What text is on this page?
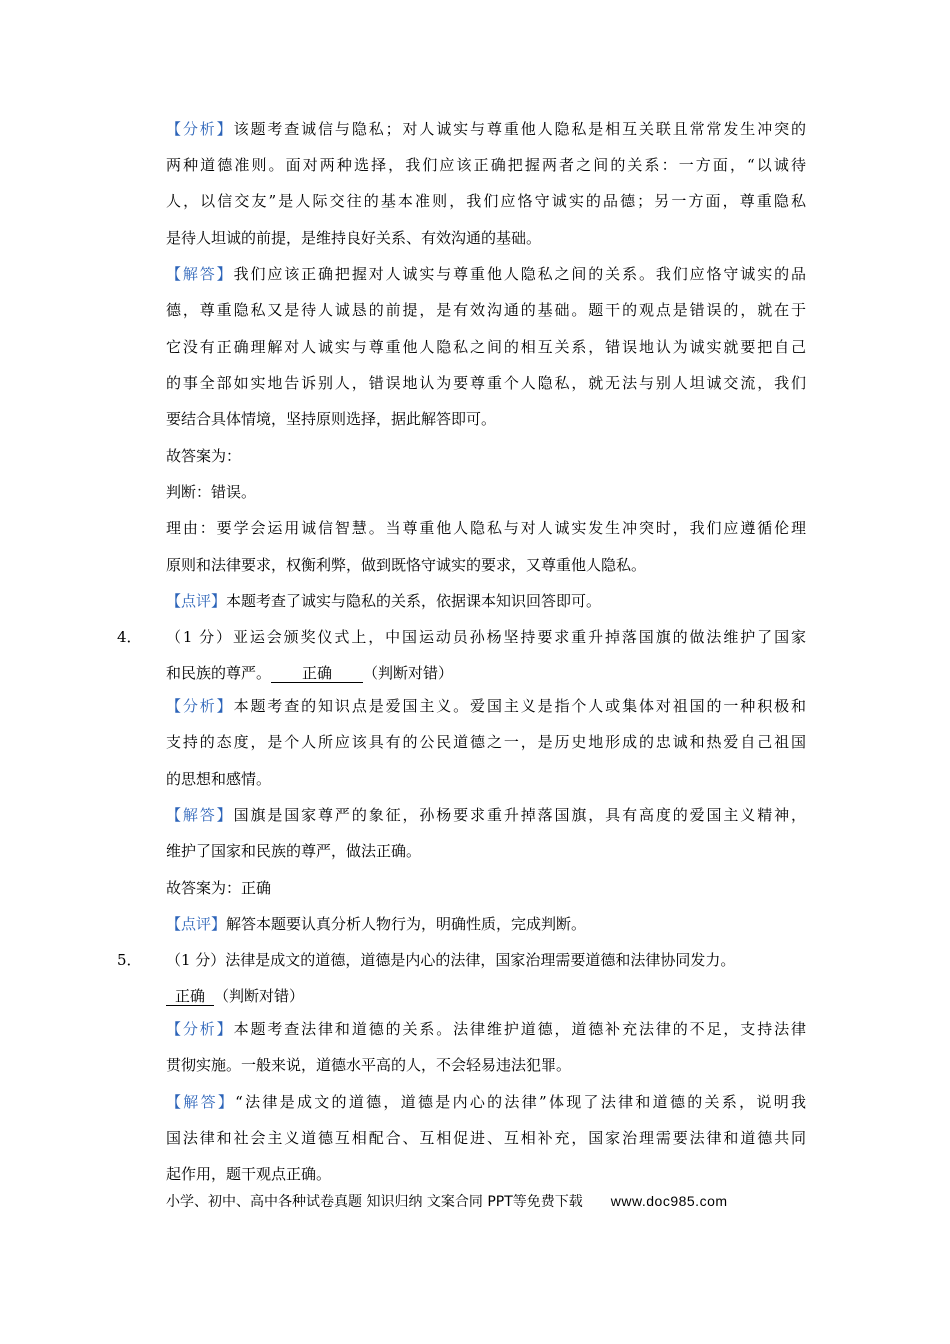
【分析】该题考查诚信与隐私；对人诚实与尊重他人隐私是相互关联且常常发生冲突的
两种道德准则。面对两种选择，我们应该正确把握两者之间的关系：一方面，“以诚待
人，以信交友”是人际交往的基本准则，我们应恪守诚实的品德；另一方面，尊重隐私
是待人坦诚的前提，是维持良好关系、有效沟通的基础。
【解答】我们应该正确把握对人诚实与尊重他人隐私之间的关系。我们应恪守诚实的品
德，尊重隐私又是待人诚恳的前提，是有效沟通的基础。题干的观点是错误的，就在于
它没有正确理解对人诚实与尊重他人隐私之间的相互关系，错误地认为诚实就要把自己
的事全部如实地告诉别人，错误地认为要尊重个人隐私，就无法与别人坦诚交流，我们
要结合具体情境，坚持原则选择，据此解答即可。
故答案为：
判断：错误。
理由：要学会运用诚信智慧。当尊重他人隐私与对人诚实发生冲突时，我们应遵循伦理
原则和法律要求，权衡利弊，做到既恪守诚实的要求，又尊重他人隐私。
【点评】本题考查了诚实与隐私的关系，依据课本知识回答即可。
4． （1 分）亚运会颁奖仪式上，中国运动员孙杨坚持要求重升掉落国旗的做法维护了国家
和民族的尊严。 正确 （判断对错）
【分析】本题考查的知识点是爱国主义。爱国主义是指个人或集体对祖国的一种积极和
支持的态度，是个人所应该具有的公民道德之一，是历史地形成的忠诚和热爱自己祖国
的思想和感情。
【解答】国旗是国家尊严的象征，孙杨要求重升掉落国旗，具有高度的爱国主义精神，
维护了国家和民族的尊严，做法正确。
故答案为：正确
【点评】解答本题要认真分析人物行为，明确性质，完成判断。
5． （1 分）法律是成文的道德，道德是内心的法律，国家治理需要道德和法律协同发力。
正确 （判断对错）
【分析】本题考查法律和道德的关系。法律维护道德，道德补充法律的不足，支持法律
贯彻实施。一般来说，道德水平高的人，不会轻易违法犯罪。
【解答】“法律是成文的道德，道德是内心的法律”体现了法律和道德的关系，说明我
国法律和社会主义道德互相配合、互相促进、互相补充，国家治理需要法律和道德共同
起作用，题干观点正确。
小学、初中、高中各种试卷真题 知识归纳 文案合同 PPT等免费下载 www.doc985.com
